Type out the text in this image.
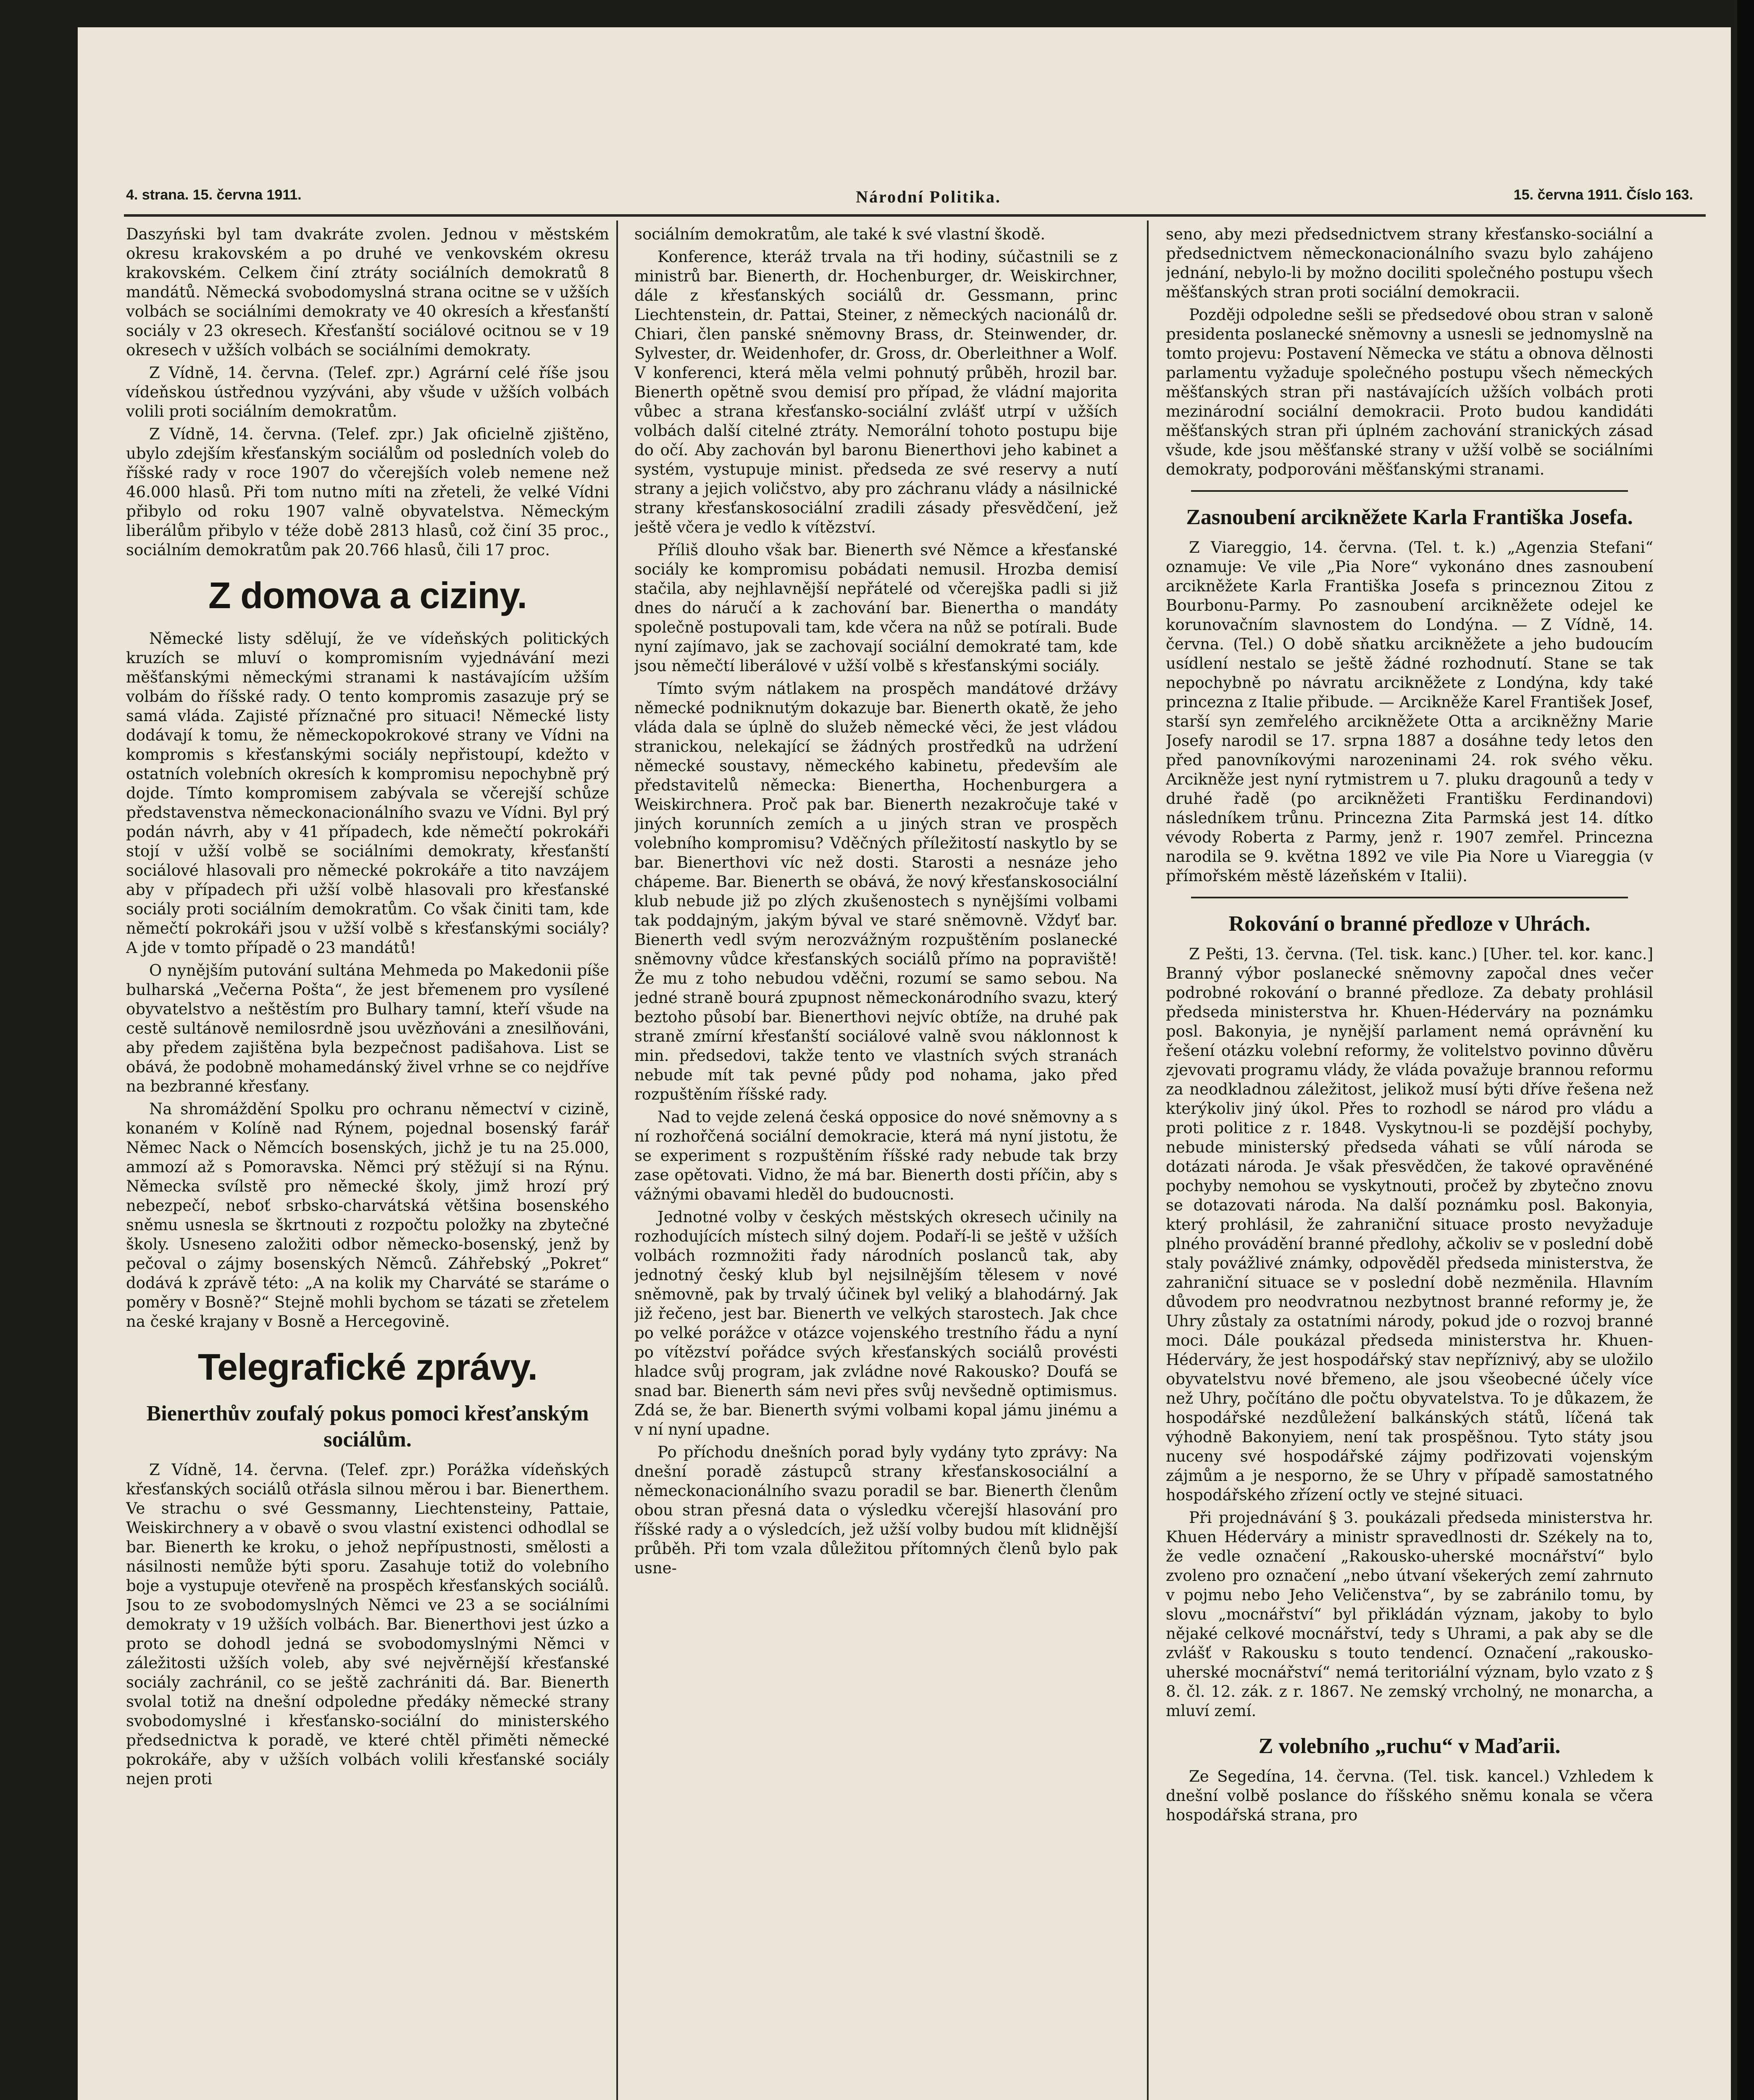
4. strana. 15. června 1911.	Národní Politika.	15. června 1911. Číslo 163.

Daszyński byl tam dvakráte zvolen. Jednou v městském okresu krakovském a po druhé ve venkovském okresu krakovském. Celkem činí ztráty sociálních demokratů 8 mandátů. Německá svobodomyslná strana ocitne se v užších volbách se sociálními demokraty ve 40 okresích a křesťanští sociály v 23 okresech. Křesťanští sociálové ocitnou se v 19 okresech v užších volbách se sociálními demokraty.

Z Vídně, 14. června. (Telef. zpr.) Agrární celé říše jsou vídeňskou ústřednou vyzýváni, aby všude v užších volbách volili proti sociálním demokratům.

Z Vídně, 14. června. (Telef. zpr.) Jak oficielně zjištěno, ubylo zdejším křesťanským sociálům od posledních voleb do říšské rady v roce 1907 do včerejších voleb nemene než 46.000 hlasů. Při tom nutno míti na zřeteli, že velké Vídni přibylo od roku 1907 valně obyvatelstva. Německým liberálům přibylo v téže době 2813 hlasů, což činí 35 proc., sociálním demokratům pak 20.766 hlasů, čili 17 proc.

Z domova a ciziny.

Německé listy sdělují, že ve vídeňských politických kruzích se mluví o kompromisním vyjednávání mezi měšťanskými německými stranami k nastávajícím užším volbám do říšské rady. O tento kompromis zasazuje prý se samá vláda. Zajisté příznačné pro situaci! Německé listy dodávají k tomu, že německopokrokové strany ve Vídni na kompromis s křesťanskými sociály nepřistoupí, kdežto v ostatních volebních okresích k kompromisu nepochybně prý dojde. Tímto kompromisem zabývala se včerejší schůze představenstva německonacionálního svazu ve Vídni. Byl prý podán návrh, aby v 41 případech, kde němečtí pokrokáři stojí v užší volbě se sociálními demokraty, křesťanští sociálové hlasovali pro německé pokrokáře a tito navzájem aby v případech při užší volbě hlasovali pro křesťanské sociály proti sociálním demokratům. Co však činiti tam, kde němečtí pokrokáři jsou v užší volbě s křesťanskými sociály? A jde v tomto případě o 23 mandátů!

O nynějším putování sultána Mehmeda po Makedonii píše bulharská „Večerna Pošta“, že jest břemenem pro vysílené obyvatelstvo a neštěstím pro Bulhary tamní, kteří všude na cestě sultánově nemilosrdně jsou uvězňováni a znesilňováni, aby předem zajištěna byla bezpečnost padišahova. List se obává, že podobně mohamedánský živel vrhne se co nejdříve na bezbranné křesťany.

Na shromáždění Spolku pro ochranu němectví v cizině, konaném v Kolíně nad Rýnem, pojednal bosenský farář Němec Nack o Němcích bosenských, jichž je tu na 25.000, ammozí až s Pomoravska. Němci prý stěžují si na Rýnu. Německa svílstě pro německé školy, jimž hrozí prý nebezpečí, neboť srbsko-charvátská většina bosenského sněmu usnesla se škrtnouti z rozpočtu položky na zbytečné školy. Usneseno založiti odbor německo-bosenský, jenž by pečoval o zájmy bosenských Němců. Záhřebský „Pokret“ dodává k zprávě této: „A na kolik my Charváté se staráme o poměry v Bosně?“ Stejně mohli bychom se tázati se zřetelem na české krajany v Bosně a Hercegovině.

Telegrafické zprávy.
Bienerthův zoufalý pokus pomoci křesťanským sociálům.

Z Vídně, 14. června. (Telef. zpr.) Porážka vídeňských křesťanských sociálů otřásla silnou měrou i bar. Bienerthem. Ve strachu o své Gessmanny, Liechtensteiny, Pattaie, Weiskirchnery a v obavě o svou vlastní existenci odhodlal se bar. Bienerth ke kroku, o jehož nepřípustnosti, smělosti a násilnosti nemůže býti sporu. Zasahuje totiž do volebního boje a vystupuje otevřeně na prospěch křesťanských sociálů. Jsou to ze svobodomyslných Němci ve 23 a se sociálními demokraty v 19 užších volbách. Bar. Bienerthovi jest úzko a proto se dohodl jedná se svobodomyslnými Němci v záležitosti užších voleb, aby své nejvěrnější křesťanské sociály zachránil, co se ještě zachrániti dá. Bar. Bienerth svolal totiž na dnešní odpoledne předáky německé strany svobodomyslné i křesťansko-sociální do ministerského předsednictva k poradě, ve které chtěl přiměti německé pokrokáře, aby v užších volbách volili křesťanské sociály nejen proti

sociálním demokratům, ale také k své vlastní škodě.

Konference, kteráž trvala na tři hodiny, súčastnili se z ministrů bar. Bienerth, dr. Hochenburger, dr. Weiskirchner, dále z křesťanských sociálů dr. Gessmann, princ Liechtenstein, dr. Pattai, Steiner, z německých nacionálů dr. Chiari, člen panské sněmovny Brass, dr. Steinwender, dr. Sylvester, dr. Weidenhofer, dr. Gross, dr. Oberleithner a Wolf. V konferenci, která měla velmi pohnutý průběh, hrozil bar. Bienerth opětně svou demisí pro případ, že vládní majorita vůbec a strana křesťansko-sociální zvlášť utrpí v užších volbách další citelné ztráty. Nemorální tohoto postupu bije do očí. Aby zachován byl baronu Bienerthovi jeho kabinet a systém, vystupuje minist. předseda ze své reservy a nutí strany a jejich voličstvo, aby pro záchranu vlády a násilnické strany křesťanskosociální zradili zásady přesvědčení, jež ještě včera je vedlo k vítězství.

Příliš dlouho však bar. Bienerth své Němce a křesťanské sociály ke kompromisu pobádati nemusil. Hrozba demisí stačila, aby nejhlavnější nepřátelé od včerejška padli si již dnes do náručí a k zachování bar. Bienertha o mandáty společně postupovali tam, kde včera na nůž se potírali. Bude nyní zajímavo, jak se zachovají sociální demokraté tam, kde jsou němečtí liberálové v užší volbě s křesťanskými sociály.

Tímto svým nátlakem na prospěch mandátové držávy německé podniknutým dokazuje bar. Bienerth okatě, že jeho vláda dala se úplně do služeb německé věci, že jest vládou stranickou, nelekající se žádných prostředků na udržení německé soustavy, německého kabinetu, především ale představitelů německa: Bienertha, Hochenburgera a Weiskirchnera. Proč pak bar. Bienerth nezakročuje také v jiných korunních zemích a u jiných stran ve prospěch volebního kompromisu? Vděčných příležitostí naskytlo by se bar. Bienerthovi víc než dosti. Starosti a nesnáze jeho chápeme. Bar. Bienerth se obává, že nový křesťanskosociální klub nebude již po zlých zkušenostech s nynějšími volbami tak poddajným, jakým býval ve staré sněmovně. Vždyť bar. Bienerth vedl svým nerozvážným rozpuštěním poslanecké sněmovny vůdce křesťanských sociálů přímo na popraviště! Že mu z toho nebudou vděčni, rozumí se samo sebou. Na jedné straně bourá zpupnost německonárodního svazu, který beztoho působí bar. Bienerthovi nejvíc obtíže, na druhé pak straně zmírní křesťanští sociálové valně svou náklonnost k min. předsedovi, takže tento ve vlastních svých stranách nebude mít tak pevné půdy pod nohama, jako před rozpuštěním říšské rady.

Nad to vejde zelená česká opposice do nové sněmovny a s ní rozhořčená sociální demokracie, která má nyní jistotu, že se experiment s rozpuštěním říšské rady nebude tak brzy zase opětovati. Vidno, že má bar. Bienerth dosti příčin, aby s vážnými obavami hleděl do budoucnosti.

Jednotné volby v českých městských okresech učinily na rozhodujících místech silný dojem. Podaří-li se ještě v užších volbách rozmnožiti řady národních poslanců tak, aby jednotný český klub byl nejsilnějším tělesem v nové sněmovně, pak by trvalý účinek byl veliký a blahodárný. Jak již řečeno, jest bar. Bienerth ve velkých starostech. Jak chce po velké porážce v otázce vojenského trestního řádu a nyní po vítězství pořádce svých křesťanských sociálů provésti hladce svůj program, jak zvládne nové Rakousko? Doufá se snad bar. Bienerth sám nevi přes svůj nevšedně optimismus. Zdá se, že bar. Bienerth svými volbami kopal jámu jinému a v ní nyní upadne.

Po příchodu dnešních porad byly vydány tyto zprávy: Na dnešní poradě zástupců strany křesťanskosociální a německonacionálního svazu poradil se bar. Bienerth členům obou stran přesná data o výsledku včerejší hlasování pro říšské rady a o výsledcích, jež užší volby budou mít klidnější průběh. Při tom vzala důležitou přítomných členů bylo pak usne-

seno, aby mezi předsednictvem strany křesťansko-sociální a předsednictvem německonacionálního svazu bylo zahájeno jednání, nebylo-li by možno dociliti společného postupu všech měšťanských stran proti sociální demokracii.

Později odpoledne sešli se předsedové obou stran v saloně presidenta poslanecké sněmovny a usnesli se jednomyslně na tomto projevu: Postavení Německa ve státu a obnova dělnosti parlamentu vyžaduje společného postupu všech německých měšťanských stran při nastávajících užších volbách proti mezinárodní sociální demokracii. Proto budou kandidáti měšťanských stran při úplném zachování stranických zásad všude, kde jsou měšťanské strany v užší volbě se sociálními demokraty, podporováni měšťanskými stranami.

Zasnoubení arcikněžete Karla Františka Josefa.

Z Viareggio, 14. června. (Tel. t. k.) „Agenzia Stefani“ oznamuje: Ve vile „Pia Nore“ vykonáno dnes zasnoubení arcikněžete Karla Františka Josefa s princeznou Zitou z Bourbonu-Parmy. Po zasnoubení arcikněžete odejel ke korunovačním slavnostem do Londýna. — Z Vídně, 14. června. (Tel.) O době sňatku arcikněžete a jeho budoucím usídlení nestalo se ještě žádné rozhodnutí. Stane se tak nepochybně po návratu arcikněžete z Londýna, kdy také princezna z Italie přibude. — Arcikněže Karel František Josef, starší syn zemřelého arcikněžete Otta a arcikněžny Marie Josefy narodil se 17. srpna 1887 a dosáhne tedy letos den před panovníkovými narozeninami 24. rok svého věku. Arcikněže jest nyní rytmistrem u 7. pluku dragounů a tedy v druhé řadě (po arcikněžeti Františku Ferdinandovi) následníkem trůnu. Princezna Zita Parmská jest 14. dítko vévody Roberta z Parmy, jenž r. 1907 zemřel. Princezna narodila se 9. května 1892 ve vile Pia Nore u Viareggia (v přímořském městě lázeňském v Italii).

Rokování o branné předloze v Uhrách.

Z Pešti, 13. června. (Tel. tisk. kanc.) [Uher. tel. kor. kanc.] Branný výbor poslanecké sněmovny započal dnes večer podrobné rokování o branné předloze. Za debaty prohlásil předseda ministerstva hr. Khuen-Héderváry na poznámku posl. Bakonyia, je nynější parlament nemá oprávnění ku řešení otázku volební reformy, že volitelstvo povinno důvěru zjevovati programu vlády, že vláda považuje brannou reformu za neodkladnou záležitost, jelikož musí býti dříve řešena než kterýkoliv jiný úkol. Přes to rozhodl se národ pro vládu a proti politice z r. 1848. Vyskytnou-li se pozdější pochyby, nebude ministerský předseda váhati se vůlí národa se dotázati národa. Je však přesvědčen, že takové opravěnéné pochyby nemohou se vyskytnouti, pročež by zbytečno znovu se dotazovati národa. Na další poznámku posl. Bakonyia, který prohlásil, že zahraniční situace prosto nevyžaduje plného provádění branné předlohy, ačkoliv se v poslední době staly povážlivé známky, odpověděl předseda ministerstva, že zahraniční situace se v poslední době nezměnila. Hlavním důvodem pro neodvratnou nezbytnost branné reformy je, že Uhry zůstaly za ostatními národy, pokud jde o rozvoj branné moci. Dále poukázal předseda ministerstva hr. Khuen-Héderváry, že jest hospodářský stav nepříznivý, aby se uložilo obyvatelstvu nové břemeno, ale jsou všeobecné účely více než Uhry, počítáno dle počtu obyvatelstva. To je důkazem, že hospodářské nezdůležení balkánských států, líčená tak výhodně Bakonyiem, není tak prospěšnou. Tyto státy jsou nuceny své hospodářské zájmy podřizovati vojenským zájmům a je nesporno, že se Uhry v případě samostatného hospodářského zřízení octly ve stejné situaci.

Při projednávání § 3. poukázali předseda ministerstva hr. Khuen Héderváry a ministr spravedlnosti dr. Székely na to, že vedle označení „Rakousko-uherské mocnářství“ bylo zvoleno pro označení „nebo útvaní všekerých zemí zahrnuto v pojmu nebo Jeho Veličenstva“, by se zabránilo tomu, by slovu „mocnářství“ byl přikládán význam, jakoby to bylo nějaké celkové mocnářství, tedy s Uhrami, a pak aby se dle zvlášť v Rakousku s touto tendencí. Označení „rakousko-uherské mocnářství“ nemá teritoriální význam, bylo vzato z § 8. čl. 12. zák. z r. 1867. Ne zemský vrcholný, ne monarcha, a mluví zemí.

Z volebního „ruchu“ v Maďarii.

Ze Segedína, 14. června. (Tel. tisk. kancel.) Vzhledem k dnešní volbě poslance do říšského sněmu konala se včera hospodářská strana, pro
